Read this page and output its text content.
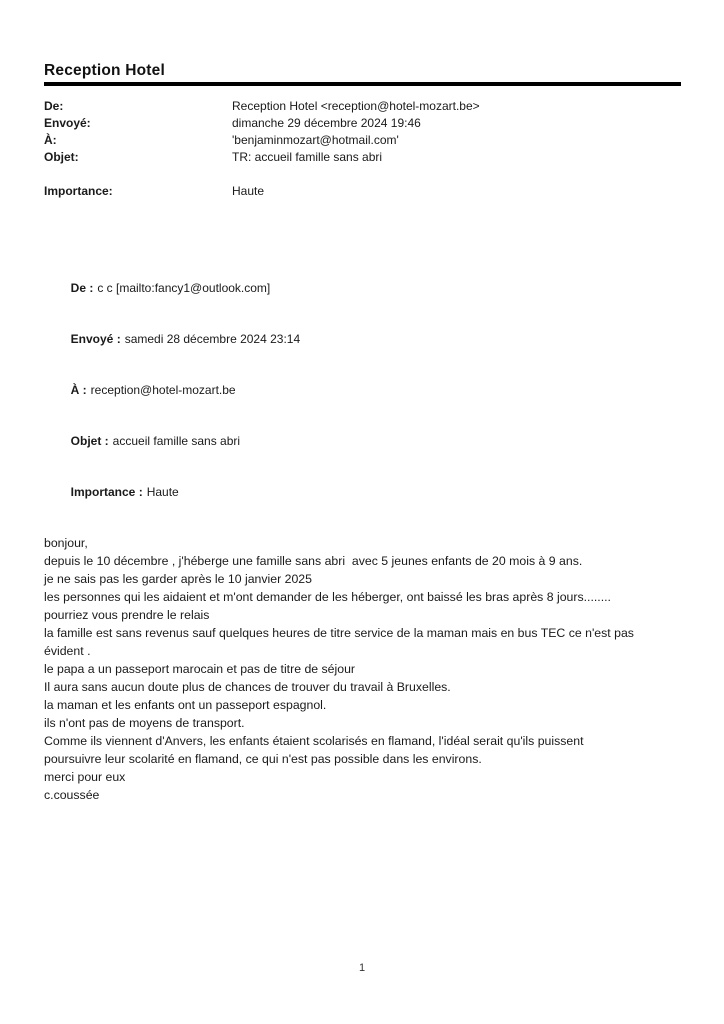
Reception Hotel
De:	Reception Hotel <reception@hotel-mozart.be>
Envoyé:	dimanche 29 décembre 2024 19:46
À:	'benjaminmozart@hotmail.com'
Objet:	TR: accueil famille sans abri
Importance:	Haute

De : c c [mailto:fancy1@outlook.com]

Envoyé : samedi 28 décembre 2024 23:14

À : reception@hotel-mozart.be

Objet : accueil famille sans abri

Importance : Haute

bonjour,
depuis le 10 décembre , j'héberge une famille sans abri  avec 5 jeunes enfants de 20 mois à 9 ans.
je ne sais pas les garder après le 10 janvier 2025
les personnes qui les aidaient et m'ont demander de les héberger, ont baissé les bras après 8 jours........
pourriez vous prendre le relais
la famille est sans revenus sauf quelques heures de titre service de la maman mais en bus TEC ce n'est pas
évident .
le papa a un passeport marocain et pas de titre de séjour
Il aura sans aucun doute plus de chances de trouver du travail à Bruxelles.
la maman et les enfants ont un passeport espagnol.
ils n'ont pas de moyens de transport.
Comme ils viennent d'Anvers, les enfants étaient scolarisés en flamand, l'idéal serait qu'ils puissent
poursuivre leur scolarité en flamand, ce qui n'est pas possible dans les environs.
merci pour eux
c.coussée
1
